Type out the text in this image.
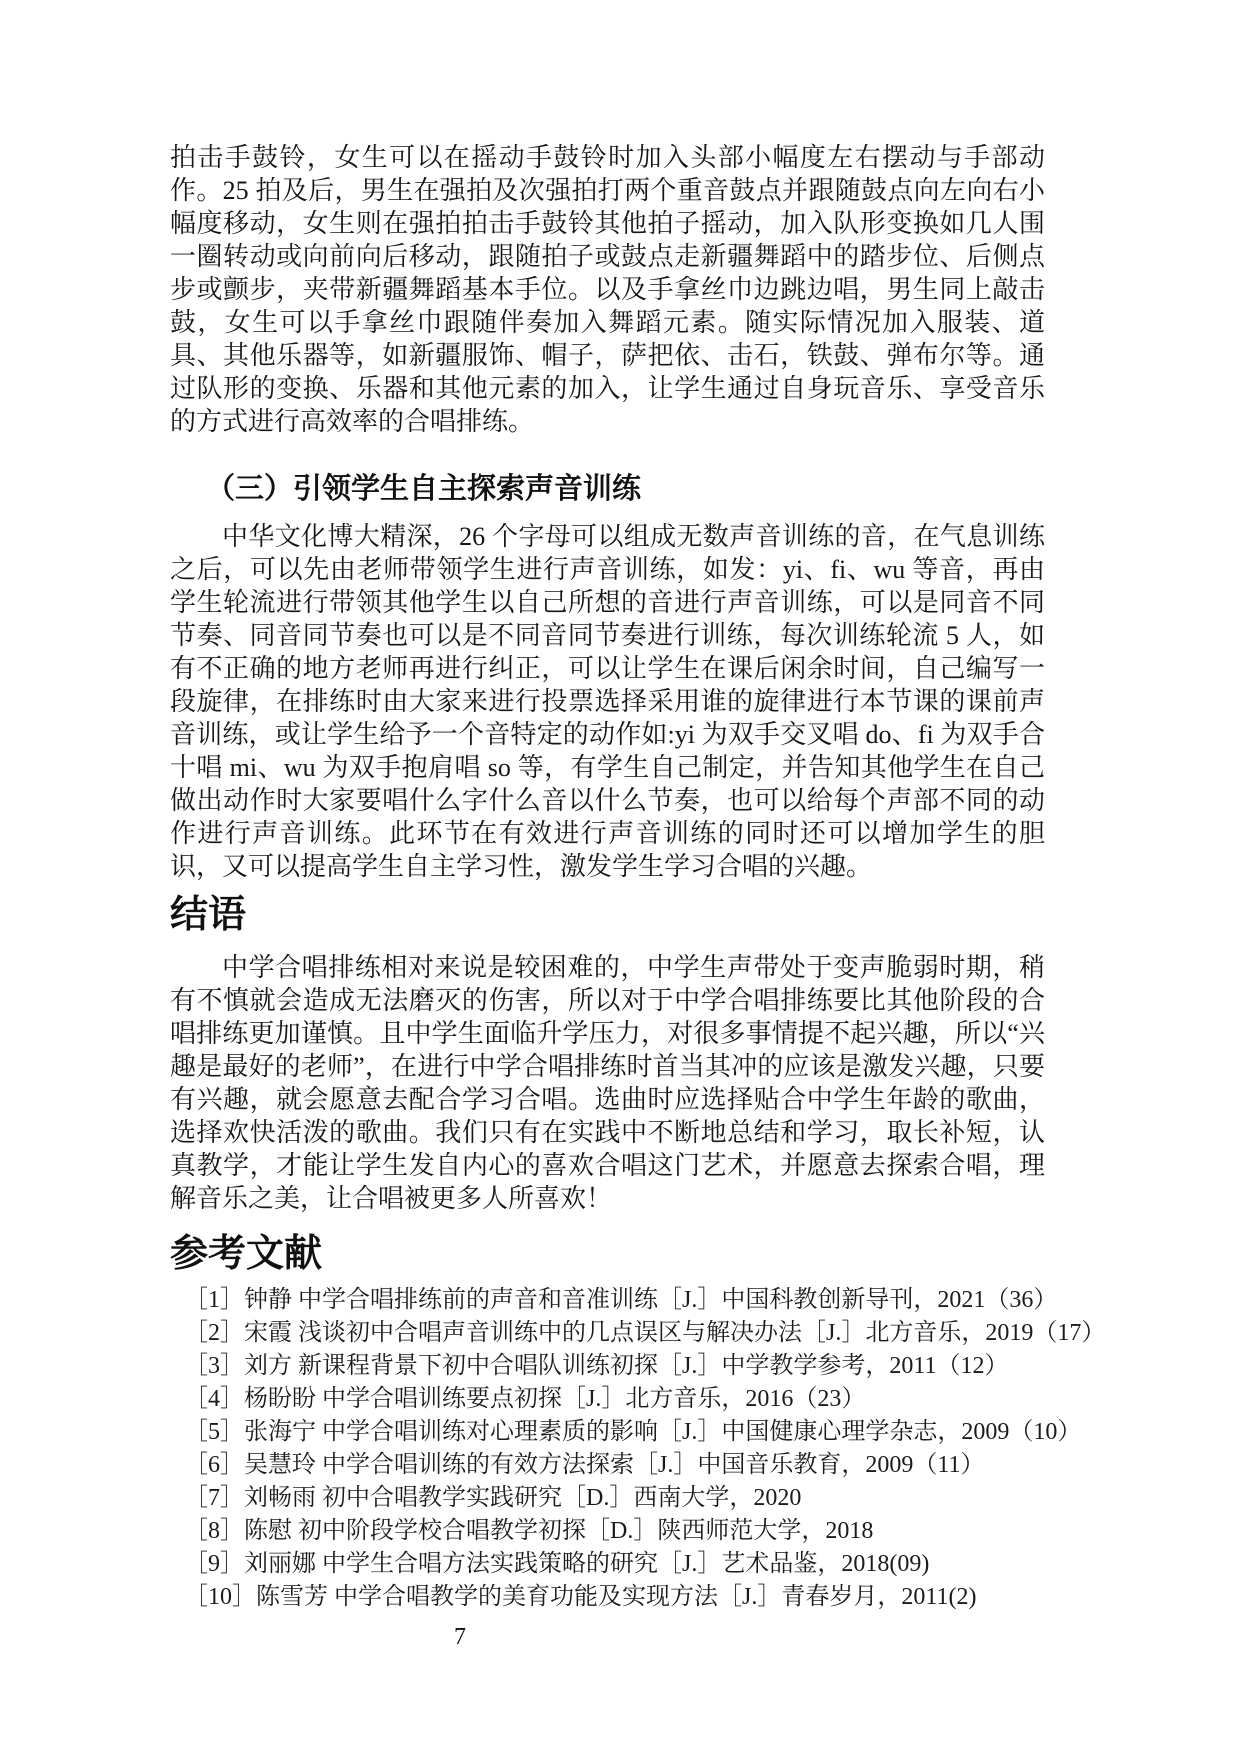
拍击手鼓铃，女生可以在摇动手鼓铃时加入头部小幅度左右摆动与手部动作。25 拍及后，男生在强拍及次强拍打两个重音鼓点并跟随鼓点向左向右小幅度移动，女生则在强拍拍击手鼓铃其他拍子摇动，加入队形变换如几人围一圈转动或向前向后移动，跟随拍子或鼓点走新疆舞蹈中的踏步位、后侧点步或颤步，夹带新疆舞蹈基本手位。以及手拿丝巾边跳边唱，男生同上敲击鼓，女生可以手拿丝巾跟随伴奏加入舞蹈元素。随实际情况加入服装、道具、其他乐器等，如新疆服饰、帽子，萨把依、击石，铁鼓、弹布尔等。通过队形的变换、乐器和其他元素的加入，让学生通过自身玩音乐、享受音乐的方式进行高效率的合唱排练。

（三）引领学生自主探索声音训练

中华文化博大精深，26 个字母可以组成无数声音训练的音，在气息训练之后，可以先由老师带领学生进行声音训练，如发：yi、fi、wu 等音，再由学生轮流进行带领其他学生以自己所想的音进行声音训练，可以是同音不同节奏、同音同节奏也可以是不同音同节奏进行训练，每次训练轮流 5 人，如有不正确的地方老师再进行纠正，可以让学生在课后闲余时间，自己编写一段旋律，在排练时由大家来进行投票选择采用谁的旋律进行本节课的课前声音训练，或让学生给予一个音特定的动作如:yi 为双手交叉唱 do、fi 为双手合十唱 mi、wu 为双手抱肩唱 so 等，有学生自己制定，并告知其他学生在自己做出动作时大家要唱什么字什么音以什么节奏，也可以给每个声部不同的动作进行声音训练。此环节在有效进行声音训练的同时还可以增加学生的胆识，又可以提高学生自主学习性，激发学生学习合唱的兴趣。

结语

中学合唱排练相对来说是较困难的，中学生声带处于变声脆弱时期，稍有不慎就会造成无法磨灭的伤害，所以对于中学合唱排练要比其他阶段的合唱排练更加谨慎。且中学生面临升学压力，对很多事情提不起兴趣，所以“兴趣是最好的老师”，在进行中学合唱排练时首当其冲的应该是激发兴趣，只要有兴趣，就会愿意去配合学习合唱。选曲时应选择贴合中学生年龄的歌曲，选择欢快活泼的歌曲。我们只有在实践中不断地总结和学习，取长补短，认真教学，才能让学生发自内心的喜欢合唱这门艺术，并愿意去探索合唱，理解音乐之美，让合唱被更多人所喜欢！

参考文献
［1］钟静 中学合唱排练前的声音和音准训练［J.］中国科教创新导刊，2021（36）
［2］宋霞 浅谈初中合唱声音训练中的几点误区与解决办法［J.］北方音乐，2019（17）
［3］刘方 新课程背景下初中合唱队训练初探［J.］中学教学参考，2011（12）
［4］杨盼盼 中学合唱训练要点初探［J.］北方音乐，2016（23）
［5］张海宁 中学合唱训练对心理素质的影响［J.］中国健康心理学杂志，2009（10）
［6］吴慧玲 中学合唱训练的有效方法探索［J.］中国音乐教育，2009（11）
［7］刘畅雨 初中合唱教学实践研究［D.］西南大学，2020
［8］陈慰 初中阶段学校合唱教学初探［D.］陕西师范大学，2018
［9］刘丽娜 中学生合唱方法实践策略的研究［J.］艺术品鉴，2018(09)
［10］陈雪芳 中学合唱教学的美育功能及实现方法［J.］青春岁月，2011(2)
7
